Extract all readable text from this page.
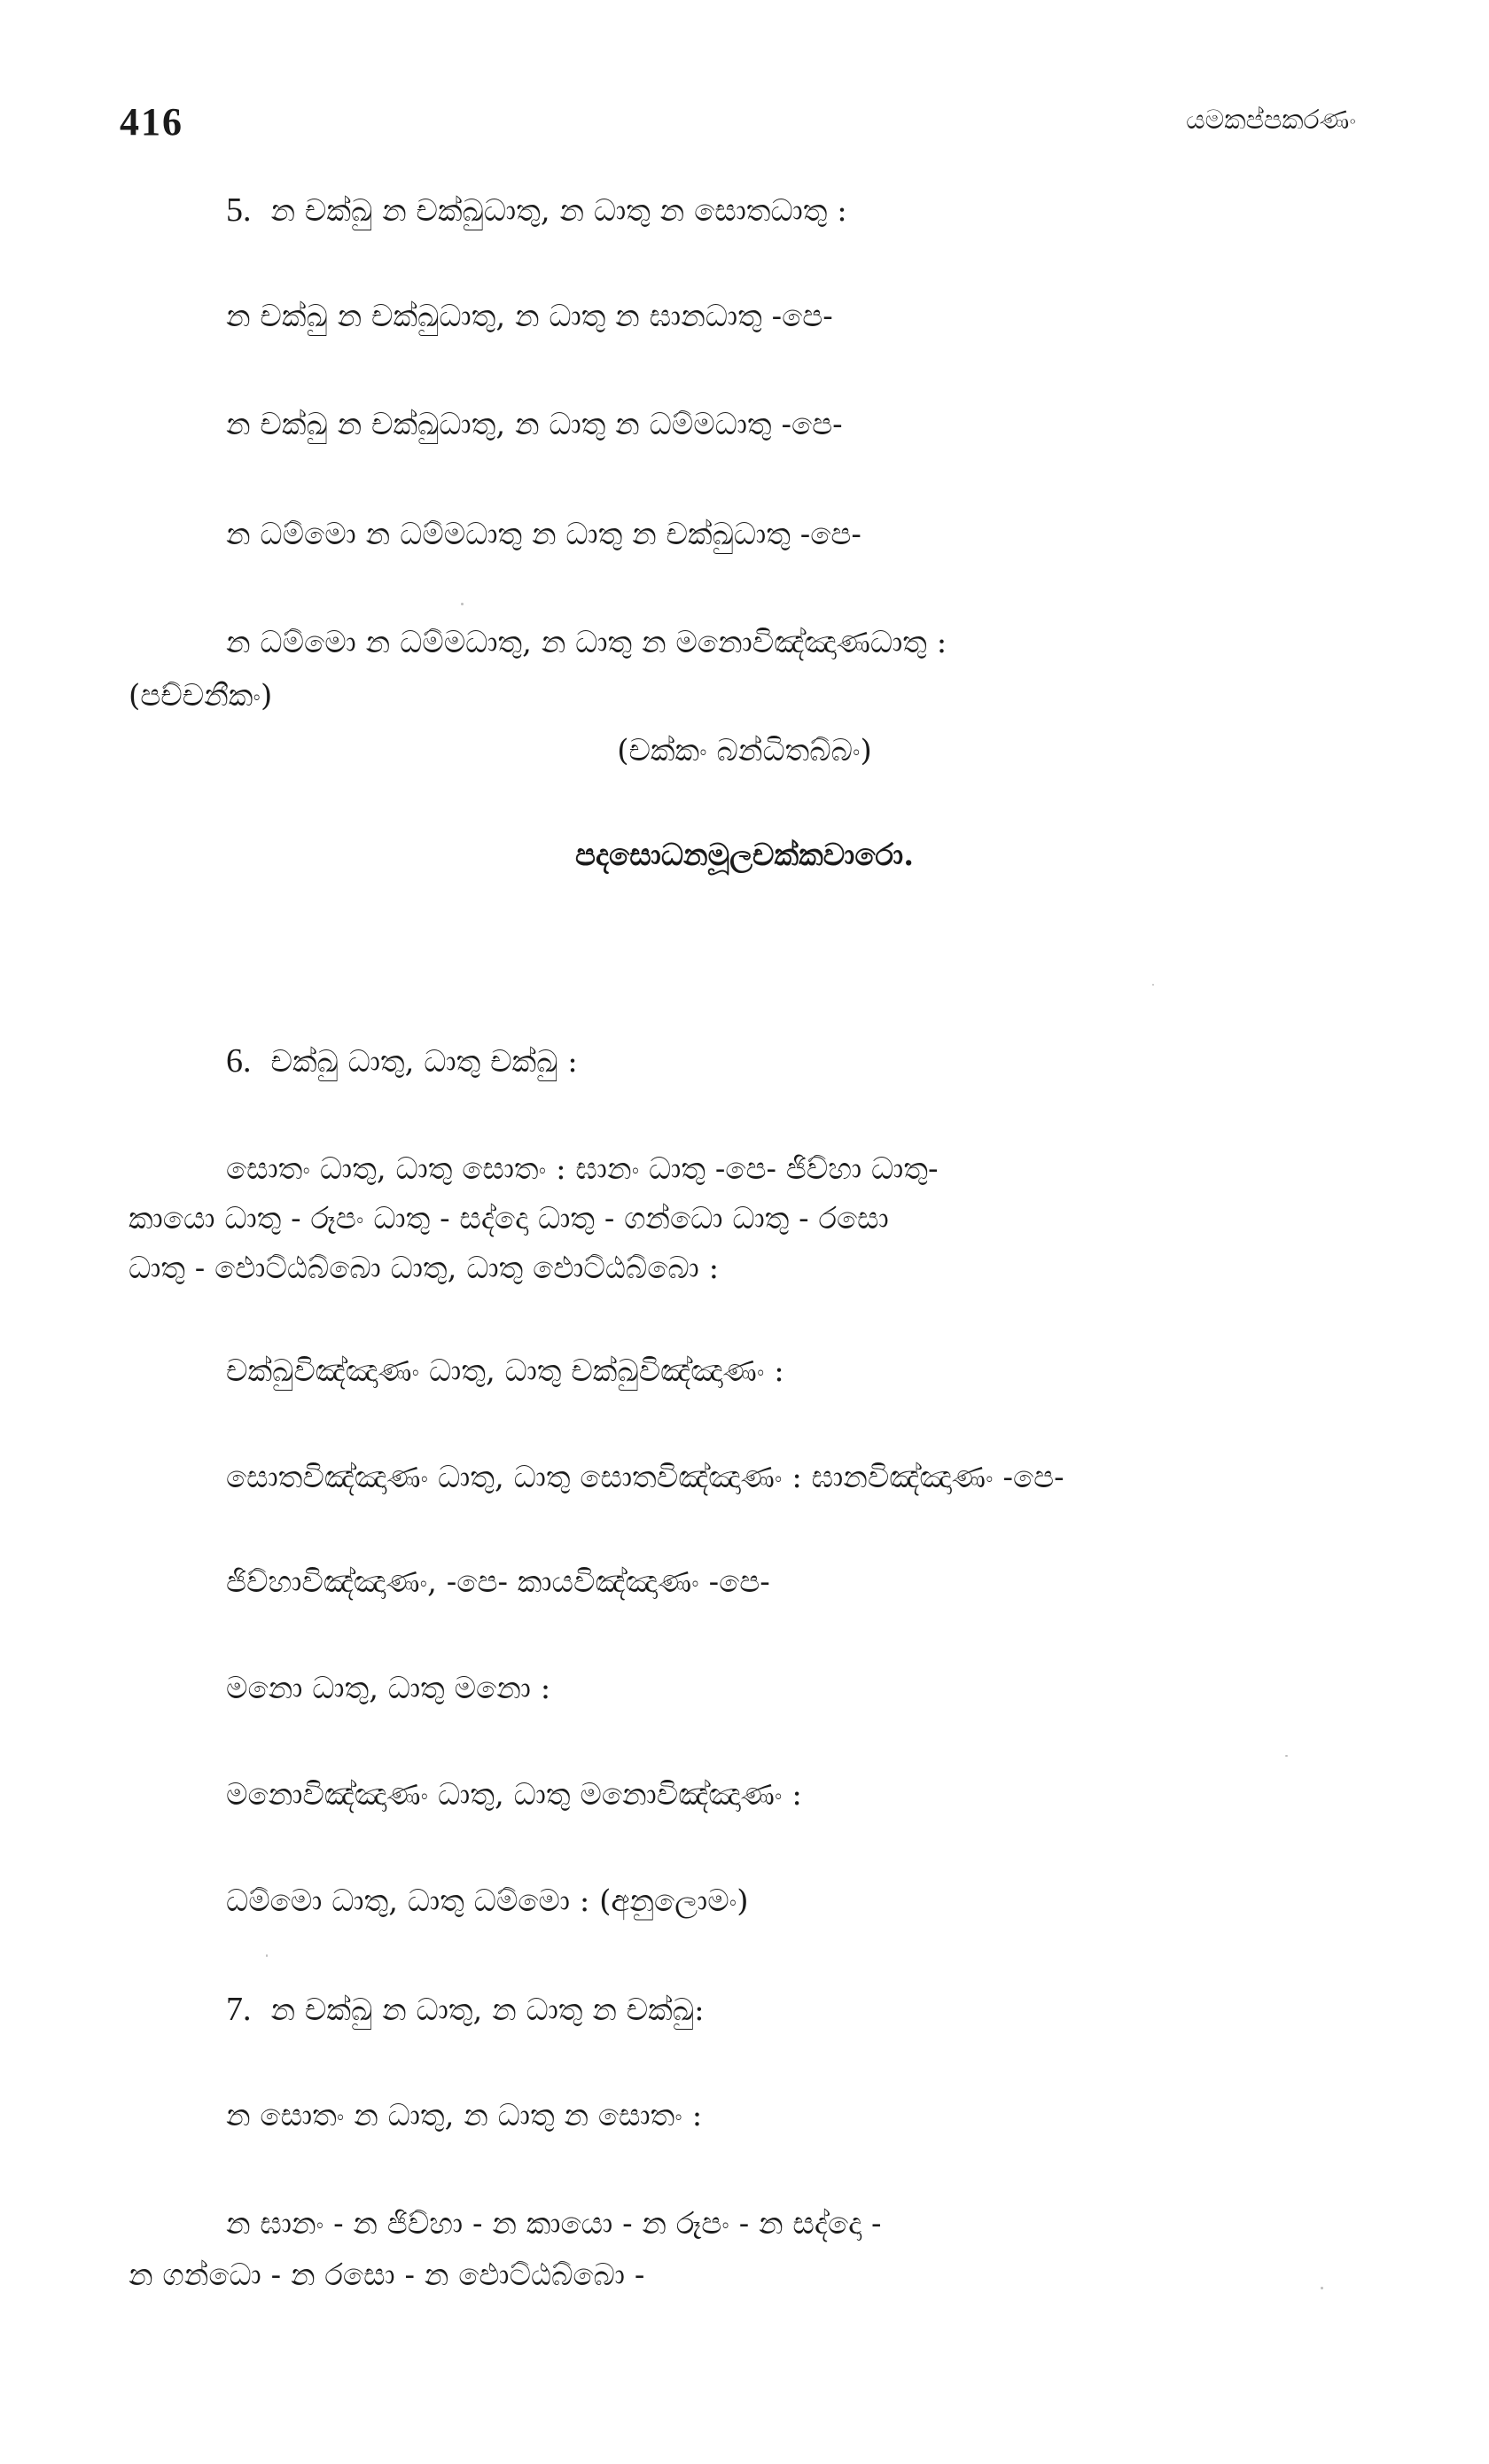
416	යමකප්පකරණං
5. න චක්ඛු න චක්ඛුධාතු, න ධාතු න සොතධාතු :
න චක්ඛු න චක්ඛුධාතු, න ධාතු න ඝානධාතු -පෙ-
න චක්ඛු න චක්ඛුධාතු, න ධාතු න ධම්මධාතු -පෙ-
න ධම්මො න ධම්මධාතු න ධාතු න චක්ඛුධාතු -පෙ-
න ධම්මො න ධම්මධාතු, න ධාතු න මනොවිඤ්ඤාණධාතු :
(පච්චනීකං)
(චක්කං බන්ධිතබ්බං)
පදසොධනමූලචක්කවාරො.
6. චක්ඛු ධාතු, ධාතු චක්ඛු :
සොතං ධාතු, ධාතු සොතං : ඝානං ධාතු -පෙ- ජිව්හා ධාතු-
කායො ධාතු - රූපං ධාතු - සද්දො ධාතු - ගන්ධො ධාතු - රසො
ධාතු - ඵොට්ඨබ්බො ධාතු, ධාතු ඵොට්ඨබ්බො :
චක්ඛුවිඤ්ඤාණං ධාතු, ධාතු චක්ඛුවිඤ්ඤාණං :
සොතවිඤ්ඤාණං ධාතු, ධාතු සොතවිඤ්ඤාණං : ඝානවිඤ්ඤාණං -පෙ-
ජිව්හාවිඤ්ඤාණං, -පෙ- කායවිඤ්ඤාණං -පෙ-
මනො ධාතු, ධාතු මනො :
මනොවිඤ්ඤාණං ධාතු, ධාතු මනොවිඤ්ඤාණං :
ධම්මො ධාතු, ධාතු ධම්මො : (අනුලොමං)
7. න චක්ඛු න ධාතු, න ධාතු න චක්ඛු:
න සොතං න ධාතු, න ධාතු න සොතං :
න ඝානං - න ජිව්හා - න කායො - න රූපං - න සද්දො -
න ගන්ධො - න රසො - න ඵොට්ඨබ්බො -
